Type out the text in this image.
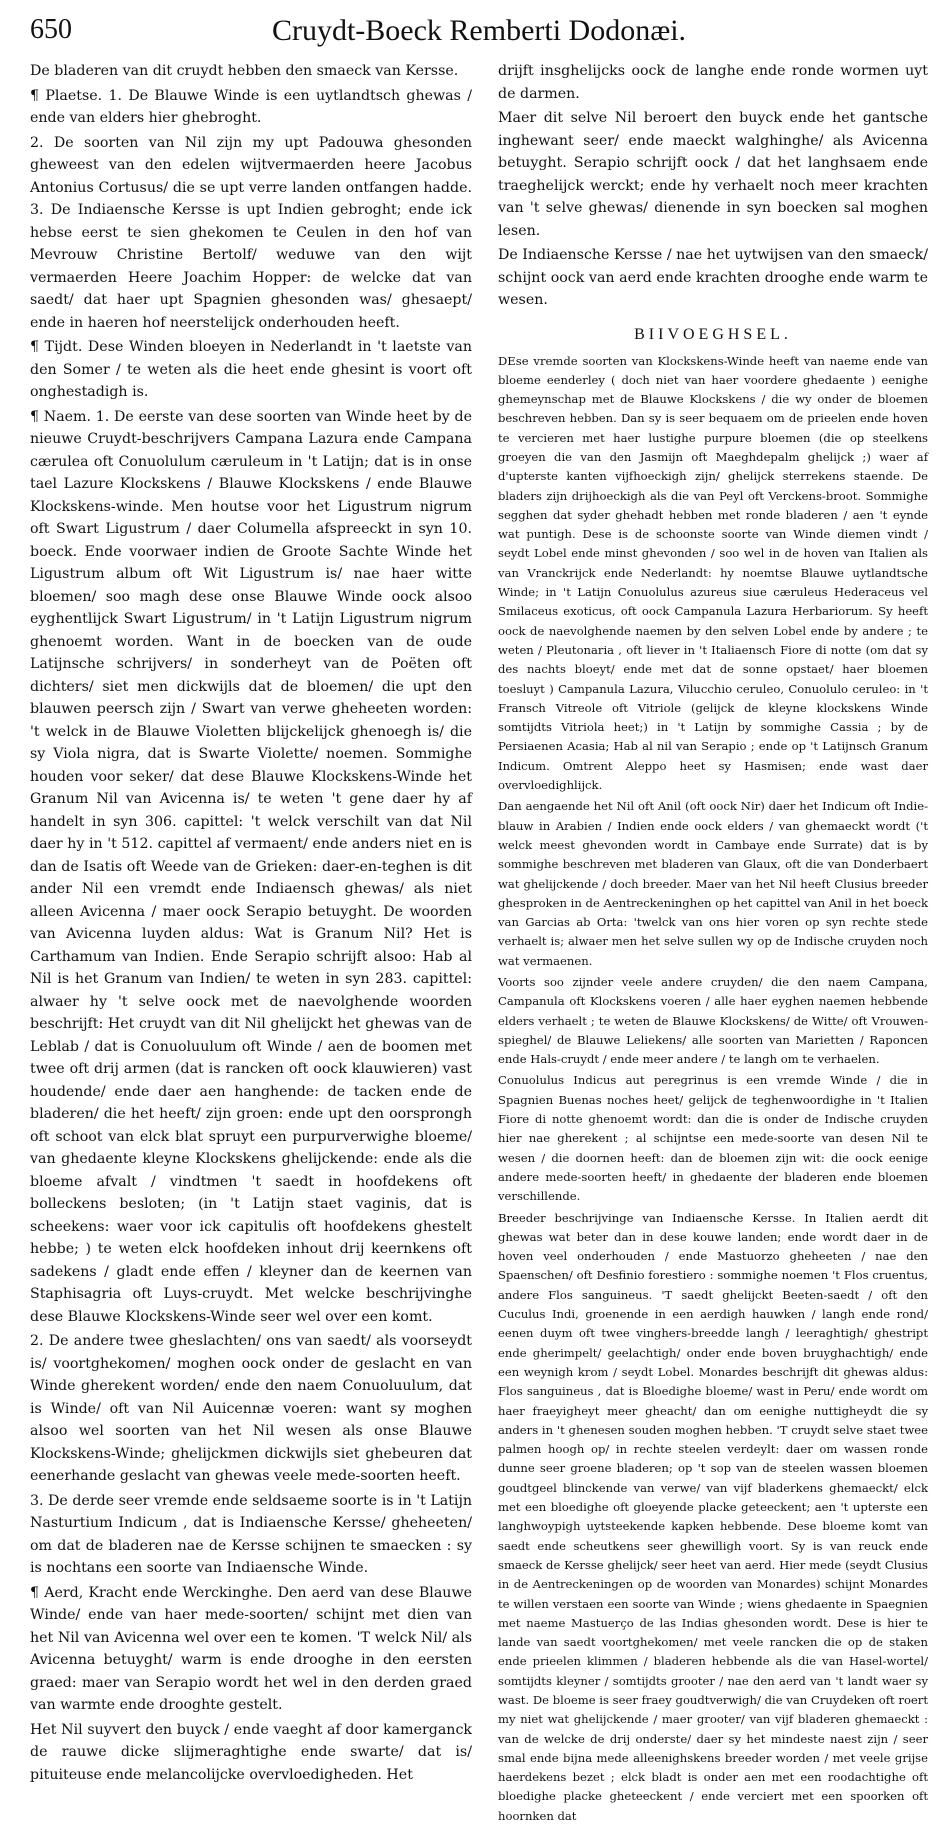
650	Cruydt-Boeck Remberti Dodonæi.

De bladeren van dit cruydt hebben den smaeck van Kersse.

¶ Plaetse. 1. De Blauwe Winde is een uytlandtsch ghewas / ende van elders hier ghebroght.

2. De soorten van Nil zijn my upt Padouwa ghesonden gheweest van den edelen wijtvermaerden heere Jacobus Antonius Cortusus/ die se upt verre landen ontfangen hadde. 3. De Indiaensche Kersse is upt Indien gebroght; ende ick hebse eerst te sien ghekomen te Ceulen in den hof van Mevrouw Christine Bertolf/ weduwe van den wijt vermaerden Heere Joachim Hopper: de welcke dat van saedt/ dat haer upt Spagnien ghesonden was/ ghesaept/ ende in haeren hof neerstelijck onderhouden heeft.

¶ Tijdt. Dese Winden bloeyen in Nederlandt in 't laetste van den Somer / te weten als die heet ende ghesint is voort oft onghestadigh is.

¶ Naem. 1. De eerste van dese soorten van Winde heet by de nieuwe Cruydt-beschrijvers Campana Lazura ende Campana cærulea oft Conuolulum cæruleum in 't Latijn; dat is in onse tael Lazure Klockskens / Blauwe Klockskens / ende Blauwe Klockskens-winde. Men houtse voor het Ligustrum nigrum oft Swart Ligustrum / daer Columella afspreeckt in syn 10. boeck. Ende voorwaer indien de Groote Sachte Winde het Ligustrum album oft Wit Ligustrum is/ nae haer witte bloemen/ soo magh dese onse Blauwe Winde oock alsoo eyghentlijck Swart Ligustrum/ in 't Latijn Ligustrum nigrum ghenoemt worden. Want in de boecken van de oude Latijnsche schrijvers/ in sonderheyt van de Poëten oft dichters/ siet men dickwijls dat de bloemen/ die upt den blauwen peersch zijn / Swart van verwe gheheeten worden: 't welck in de Blauwe Violetten blijckelijck ghenoegh is/ die sy Viola nigra, dat is Swarte Violette/ noemen. Sommighe houden voor seker/ dat dese Blauwe Klockskens-Winde het Granum Nil van Avicenna is/ te weten 't gene daer hy af handelt in syn 306. capittel: 't welck verschilt van dat Nil daer hy in 't 512. capittel af vermaent/ ende anders niet en is dan de Isatis oft Weede van de Grieken: daer-en-teghen is dit ander Nil een vremdt ende Indiaensch ghewas/ als niet alleen Avicenna / maer oock Serapio betuyght. De woorden van Avicenna luyden aldus: Wat is Granum Nil? Het is Carthamum van Indien. Ende Serapio schrijft alsoo: Hab al Nil is het Granum van Indien/ te weten in syn 283. capittel: alwaer hy 't selve oock met de naevolghende woorden beschrijft: Het cruydt van dit Nil ghelijckt het ghewas van de Leblab / dat is Conuoluulum oft Winde / aen de boomen met twee oft drij armen (dat is rancken oft oock klauwieren) vast houdende/ ende daer aen hanghende: de tacken ende de bladeren/ die het heeft/ zijn groen: ende upt den oorsprongh oft schoot van elck blat spruyt een purpurverwighe bloeme/ van ghedaente kleyne Klockskens ghelijckende: ende als die bloeme afvalt / vindtmen 't saedt in hoofdekens oft bolleckens besloten; (in 't Latijn staet vaginis, dat is scheekens: waer voor ick capitulis oft hoofdekens ghestelt hebbe; ) te weten elck hoofdeken inhout drij keernkens oft sadekens / gladt ende effen / kleyner dan de keernen van Staphisagria oft Luys-cruydt. Met welcke beschrijvinghe dese Blauwe Klockskens-Winde seer wel over een komt.

2. De andere twee gheslachten/ ons van saedt/ als voorseydt is/ voortghekomen/ moghen oock onder de geslacht en van Winde gherekent worden/ ende den naem Conuoluulum, dat is Winde/ oft van Nil Auicennæ voeren: want sy moghen alsoo wel soorten van het Nil wesen als onse Blauwe Klockskens-Winde; ghelijckmen dickwijls siet ghebeuren dat eenerhande geslacht van ghewas veele mede-soorten heeft.

3. De derde seer vremde ende seldsaeme soorte is in 't Latijn Nasturtium Indicum , dat is Indiaensche Kersse/ gheheeten/ om dat de bladeren nae de Kersse schijnen te smaecken : sy is nochtans een soorte van Indiaensche Winde.

¶ Aerd, Kracht ende Werckinghe. Den aerd van dese Blauwe Winde/ ende van haer mede-soorten/ schijnt met dien van het Nil van Avicenna wel over een te komen. 'T welck Nil/ als Avicenna betuyght/ warm is ende drooghe in den eersten graed: maer van Serapio wordt het wel in den derden graed van warmte ende drooghte gestelt.

Het Nil suyvert den buyck / ende vaeght af door kamerganck de rauwe dicke slijmeraghtighe ende swarte/ dat is/ pituiteuse ende melancolijcke overvloedigheden. Het

drijft insghelijcks oock de langhe ende ronde wormen uyt de darmen.

Maer dit selve Nil beroert den buyck ende het gantsche inghewant seer/ ende maeckt walghinghe/ als Avicenna betuyght. Serapio schrijft oock / dat het langhsaem ende traeghelijck werckt; ende hy verhaelt noch meer krachten van 't selve ghewas/ dienende in syn boecken sal moghen lesen.

De Indiaensche Kersse / nae het uytwijsen van den smaeck/ schijnt oock van aerd ende krachten drooghe ende warm te wesen.

BIIVOEGHSEL.

DEse vremde soorten van Klockskens-Winde heeft van naeme ende van bloeme eenderley ( doch niet van haer voordere ghedaente ) eenighe ghemeynschap met de Blauwe Klockskens / die wy onder de bloemen beschreven hebben. Dan sy is seer bequaem om de prieelen ende hoven te vercieren met haer lustighe purpure bloemen (die op steelkens groeyen die van den Jasmijn oft Maeghdepalm ghelijck ;) waer af d'upterste kanten vijfhoeckigh zijn/ ghelijck sterrekens staende. De bladers zijn drijhoeckigh als die van Peyl oft Verckens-broot. Sommighe segghen dat syder ghehadt hebben met ronde bladeren / aen 't eynde wat puntigh. Dese is de schoonste soorte van Winde diemen vindt / seydt Lobel ende minst ghevonden / soo wel in de hoven van Italien als van Vranckrijck ende Nederlandt: hy noemtse Blauwe uytlandtsche Winde; in 't Latijn Conuolulus azureus siue cæruleus Hederaceus vel Smilaceus exoticus, oft oock Campanula Lazura Herbariorum. Sy heeft oock de naevolghende naemen by den selven Lobel ende by andere ; te weten / Pleutonaria , oft liever in 't Italiaensch Fiore di notte (om dat sy des nachts bloeyt/ ende met dat de sonne opstaet/ haer bloemen toesluyt ) Campanula Lazura, Vilucchio ceruleo, Conuolulo ceruleo: in 't Fransch Vitreole oft Vitriole (gelijck de kleyne klockskens Winde somtijdts Vitriola heet;) in 't Latijn by sommighe Cassia ; by de Persiaenen Acasia; Hab al nil van Serapio ; ende op 't Latijnsch Granum Indicum. Omtrent Aleppo heet sy Hasmisen; ende wast daer overvloedighlijck.

Dan aengaende het Nil oft Anil (oft oock Nir) daer het Indicum oft Indie-blauw in Arabien / Indien ende oock elders / van ghemaeckt wordt ('t welck meest ghevonden wordt in Cambaye ende Surrate) dat is by sommighe beschreven met bladeren van Glaux, oft die van Donderbaert wat ghelijckende / doch breeder. Maer van het Nil heeft Clusius breeder ghesproken in de Aentreckeninghen op het capittel van Anil in het boeck van Garcias ab Orta: 'twelck van ons hier voren op syn rechte stede verhaelt is; alwaer men het selve sullen wy op de Indische cruyden noch wat vermaenen.

Voorts soo zijnder veele andere cruyden/ die den naem Campana, Campanula oft Klockskens voeren / alle haer eyghen naemen hebbende elders verhaelt ; te weten de Blauwe Klockskens/ de Witte/ oft Vrouwen-spieghel/ de Blauwe Leliekens/ alle soorten van Marietten / Raponcen ende Hals-cruydt / ende meer andere / te langh om te verhaelen.

Conuolulus Indicus aut peregrinus is een vremde Winde / die in Spagnien Buenas noches heet/ gelijck de teghenwoordighe in 't Italien Fiore di notte ghenoemt wordt: dan die is onder de Indische cruyden hier nae gherekent ; al schijntse een mede-soorte van desen Nil te wesen / die doornen heeft: dan de bloemen zijn wit: die oock eenige andere mede-soorten heeft/ in ghedaente der bladeren ende bloemen verschillende.

Breeder beschrijvinge van Indiaensche Kersse. In Italien aerdt dit ghewas wat beter dan in dese kouwe landen; ende wordt daer in de hoven veel onderhouden / ende Mastuorzo gheheeten / nae den Spaenschen/ oft Desfinio forestiero : sommighe noemen 't Flos cruentus, andere Flos sanguineus. 'T saedt ghelijckt Beeten-saedt / oft den Cuculus Indi, groenende in een aerdigh hauwken / langh ende rond/ eenen duym oft twee vinghers-breedde langh / leeraghtigh/ ghestript ende gherimpelt/ geelachtigh/ onder ende boven bruyghachtigh/ ende een weynigh krom / seydt Lobel. Monardes beschrijft dit ghewas aldus: Flos sanguineus , dat is Bloedighe bloeme/ wast in Peru/ ende wordt om haer fraeyigheyt meer gheacht/ dan om eenighe nuttigheydt die sy anders in 't ghenesen souden moghen hebben. 'T cruydt selve staet twee palmen hoogh op/ in rechte steelen verdeylt: daer om wassen ronde dunne seer groene bladeren; op 't sop van de steelen wassen bloemen goudtgeel blinckende van verwe/ van vijf bladerkens ghemaeckt/ elck met een bloedighe oft gloeyende placke geteeckent; aen 't upterste een langhwoypigh uytsteekende kapken hebbende. Dese bloeme komt van saedt ende scheutkens seer ghewilligh voort. Sy is van reuck ende smaeck de Kersse ghelijck/ seer heet van aerd. Hier mede (seydt Clusius in de Aentreckeningen op de woorden van Monardes) schijnt Monardes te willen verstaen een soorte van Winde ; wiens ghedaente in Spaegnien met naeme Mastuerço de las Indias ghesonden wordt. Dese is hier te lande van saedt voortghekomen/ met veele rancken die op de staken ende prieelen klimmen / bladeren hebbende als die van Hasel-wortel/ somtijdts kleyner / somtijdts grooter / nae den aerd van 't landt waer sy wast. De bloeme is seer fraey goudtverwigh/ die van Cruydeken oft roert my niet wat ghelijckende / maer grooter/ van vijf bladeren ghemaeckt : van de welcke de drij onderste/ daer sy het mindeste naest zijn / seer smal ende bijna mede alleenighskens breeder worden / met veele grijse haerdekens bezet ; elck bladt is onder aen met een roodachtighe oft bloedighe placke gheteeckent / ende verciert met een spoorken oft hoornken dat
